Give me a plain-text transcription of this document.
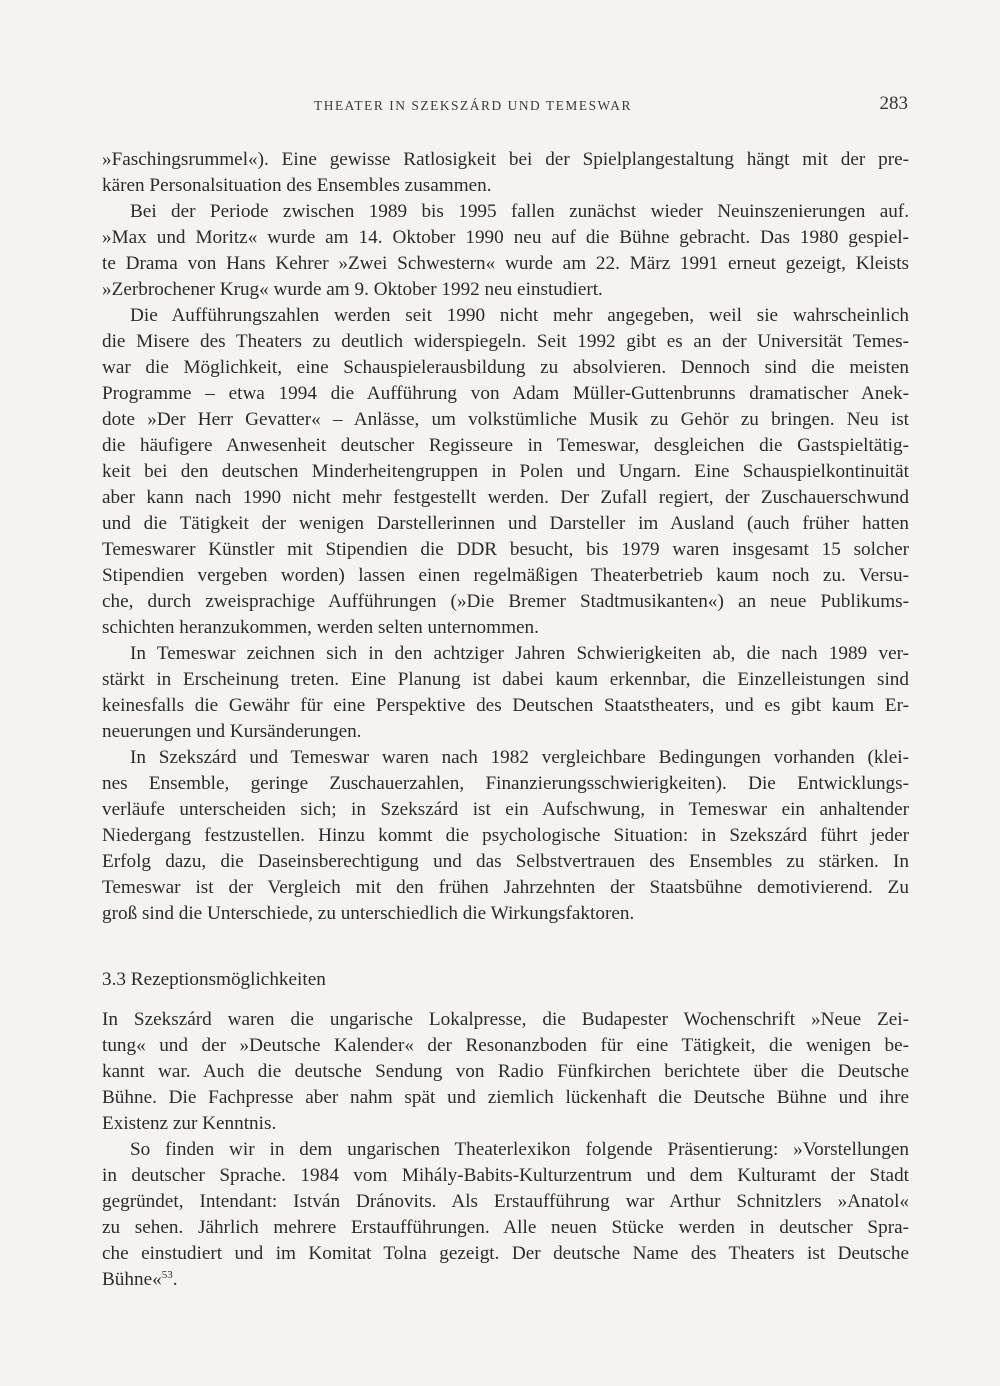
THEATER IN SZEKSZÁRD UND TEMESWAR	283
»Faschingsrummel«). Eine gewisse Ratlosigkeit bei der Spielplangestaltung hängt mit der pre-
kären Personalsituation des Ensembles zusammen.
Bei der Periode zwischen 1989 bis 1995 fallen zunächst wieder Neuinszenierungen auf.
»Max und Moritz« wurde am 14. Oktober 1990 neu auf die Bühne gebracht. Das 1980 gespiel-
te Drama von Hans Kehrer »Zwei Schwestern« wurde am 22. März 1991 erneut gezeigt, Kleists
»Zerbrochener Krug« wurde am 9. Oktober 1992 neu einstudiert.
Die Aufführungszahlen werden seit 1990 nicht mehr angegeben, weil sie wahrscheinlich
die Misere des Theaters zu deutlich widerspiegeln. Seit 1992 gibt es an der Universität Temes-
war die Möglichkeit, eine Schauspielerausbildung zu absolvieren. Dennoch sind die meisten
Programme – etwa 1994 die Aufführung von Adam Müller-Guttenbrunns dramatischer Anek-
dote »Der Herr Gevatter« – Anlässe, um volkstümliche Musik zu Gehör zu bringen. Neu ist
die häufigere Anwesenheit deutscher Regisseure in Temeswar, desgleichen die Gastspieltätig-
keit bei den deutschen Minderheitengruppen in Polen und Ungarn. Eine Schauspielkontinuität
aber kann nach 1990 nicht mehr festgestellt werden. Der Zufall regiert, der Zuschauerschwund
und die Tätigkeit der wenigen Darstellerinnen und Darsteller im Ausland (auch früher hatten
Temeswarer Künstler mit Stipendien die DDR besucht, bis 1979 waren insgesamt 15 solcher
Stipendien vergeben worden) lassen einen regelmäßigen Theaterbetrieb kaum noch zu. Versu-
che, durch zweisprachige Aufführungen (»Die Bremer Stadtmusikanten«) an neue Publikums-
schichten heranzukommen, werden selten unternommen.
In Temeswar zeichnen sich in den achtziger Jahren Schwierigkeiten ab, die nach 1989 ver-
stärkt in Erscheinung treten. Eine Planung ist dabei kaum erkennbar, die Einzelleistungen sind
keinesfalls die Gewähr für eine Perspektive des Deutschen Staatstheaters, und es gibt kaum Er-
neuerungen und Kursänderungen.
In Szekszárd und Temeswar waren nach 1982 vergleichbare Bedingungen vorhanden (klei-
nes Ensemble, geringe Zuschauerzahlen, Finanzierungsschwierigkeiten). Die Entwicklungs-
verläufe unterscheiden sich; in Szekszárd ist ein Aufschwung, in Temeswar ein anhaltender
Niedergang festzustellen. Hinzu kommt die psychologische Situation: in Szekszárd führt jeder
Erfolg dazu, die Daseinsberechtigung und das Selbstvertrauen des Ensembles zu stärken. In
Temeswar ist der Vergleich mit den frühen Jahrzehnten der Staatsbühne demotivierend. Zu
groß sind die Unterschiede, zu unterschiedlich die Wirkungsfaktoren.
3.3 Rezeptionsmöglichkeiten
In Szekszárd waren die ungarische Lokalpresse, die Budapester Wochenschrift »Neue Zei-
tung« und der »Deutsche Kalender« der Resonanzboden für eine Tätigkeit, die wenigen be-
kannt war. Auch die deutsche Sendung von Radio Fünfkirchen berichtete über die Deutsche
Bühne. Die Fachpresse aber nahm spät und ziemlich lückenhaft die Deutsche Bühne und ihre
Existenz zur Kenntnis.
So finden wir in dem ungarischen Theaterlexikon folgende Präsentierung: »Vorstellungen
in deutscher Sprache. 1984 vom Mihály-Babits-Kulturzentrum und dem Kulturamt der Stadt
gegründet, Intendant: István Dránovits. Als Erstaufführung war Arthur Schnitzlers »Anatol«
zu sehen. Jährlich mehrere Erstaufführungen. Alle neuen Stücke werden in deutscher Spra-
che einstudiert und im Komitat Tolna gezeigt. Der deutsche Name des Theaters ist Deutsche
Bühne«$^{53}$.
